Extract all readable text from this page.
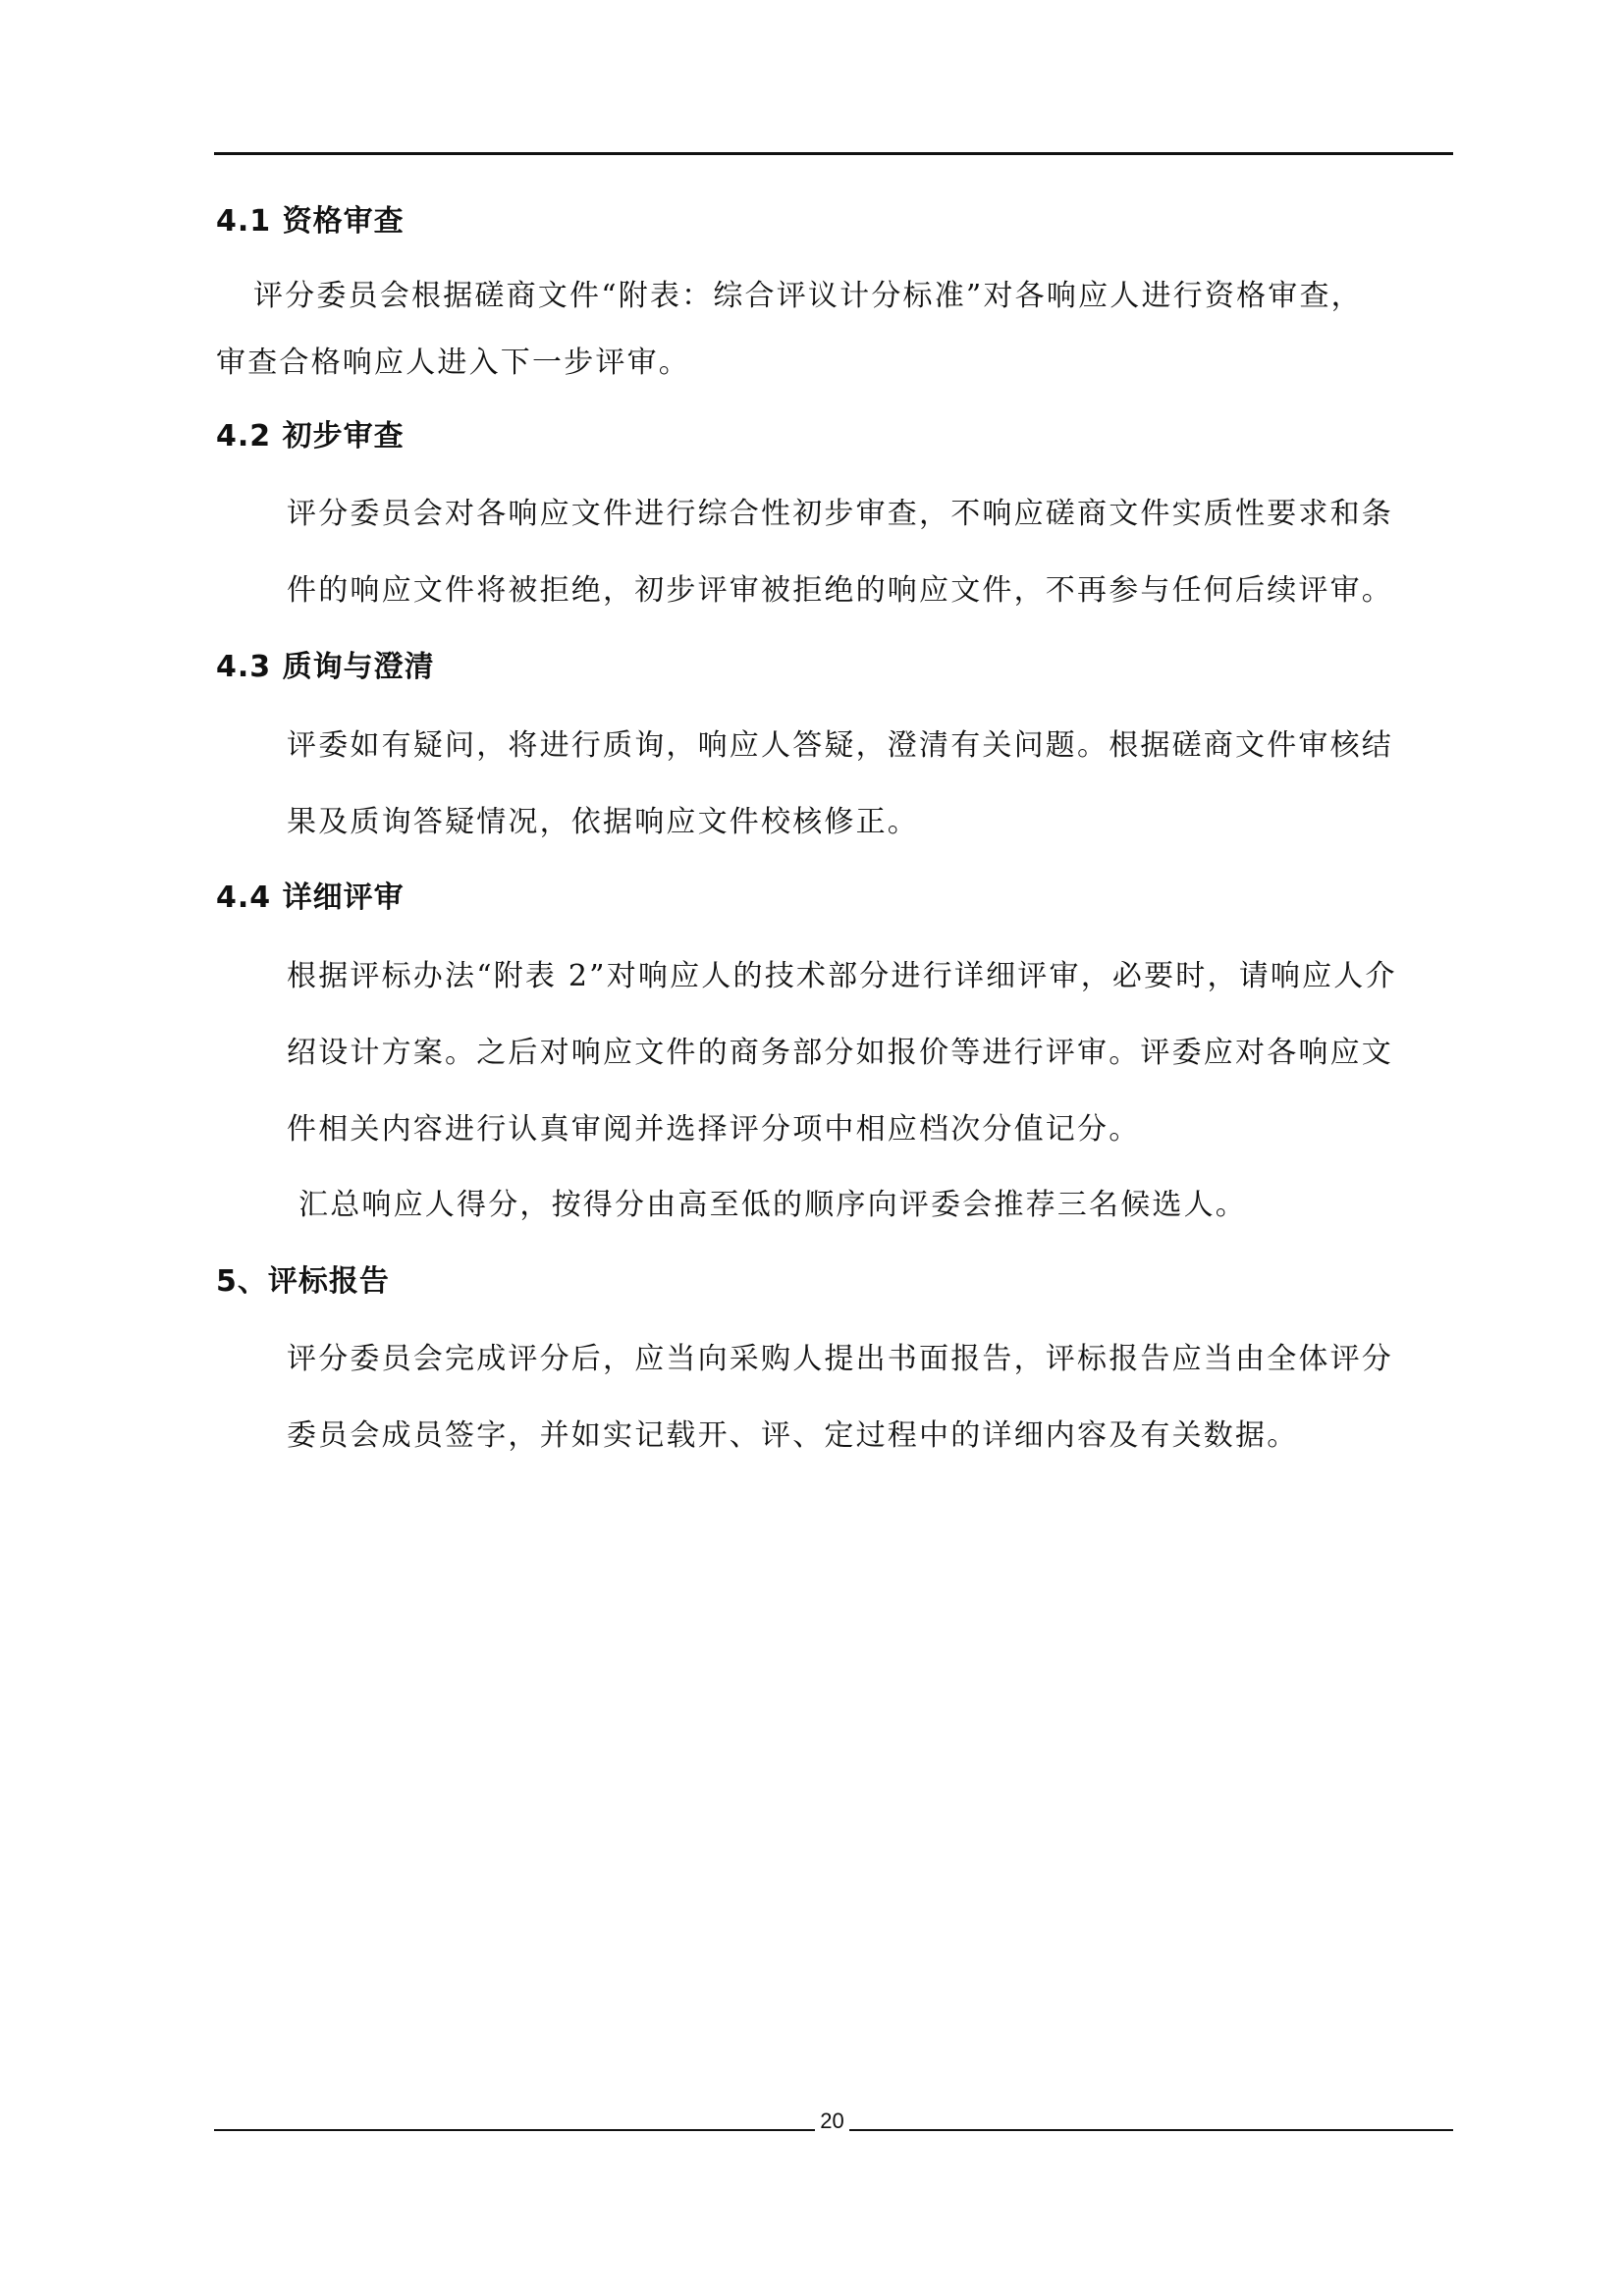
4.1 资格审查
评分委员会根据磋商文件“附表：综合评议计分标准”对各响应人进行资格审查，
审查合格响应人进入下一步评审。
4.2 初步审查
评分委员会对各响应文件进行综合性初步审查，不响应磋商文件实质性要求和条
件的响应文件将被拒绝，初步评审被拒绝的响应文件，不再参与任何后续评审。
4.3 质询与澄清
评委如有疑问，将进行质询，响应人答疑，澄清有关问题。根据磋商文件审核结
果及质询答疑情况，依据响应文件校核修正。
4.4 详细评审
根据评标办法“附表 2”对响应人的技术部分进行详细评审，必要时，请响应人介
绍设计方案。之后对响应文件的商务部分如报价等进行评审。评委应对各响应文
件相关内容进行认真审阅并选择评分项中相应档次分值记分。
汇总响应人得分，按得分由高至低的顺序向评委会推荐三名候选人。
5、评标报告
评分委员会完成评分后，应当向采购人提出书面报告，评标报告应当由全体评分
委员会成员签字，并如实记载开、评、定过程中的详细内容及有关数据。
20
